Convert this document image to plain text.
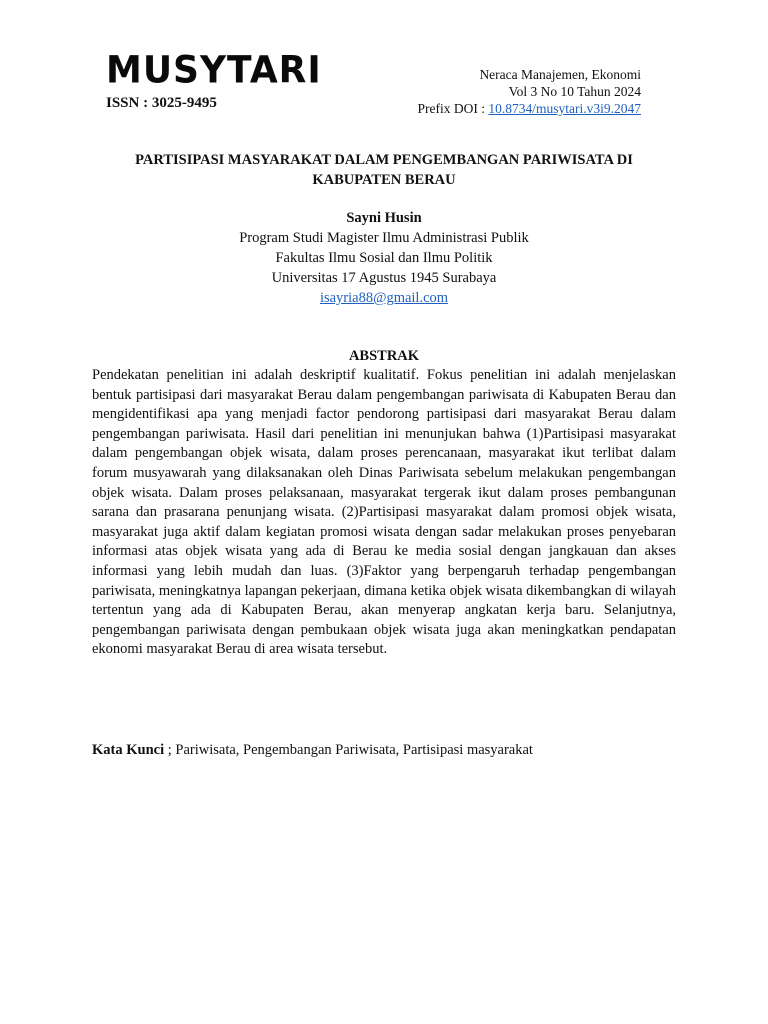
MUSYTARI
ISSN : 3025-9495
Neraca Manajemen, Ekonomi
Vol 3 No 10 Tahun 2024
Prefix DOI : 10.8734/musytari.v3i9.2047
PARTISIPASI MASYARAKAT DALAM PENGEMBANGAN PARIWISATA DI
KABUPATEN BERAU
Sayni Husin
Program Studi Magister Ilmu Administrasi Publik
Fakultas Ilmu Sosial dan Ilmu Politik
Universitas 17 Agustus 1945 Surabaya
isayria88@gmail.com
ABSTRAK
Pendekatan penelitian ini adalah deskriptif kualitatif. Fokus penelitian ini adalah menjelaskan bentuk partisipasi dari masyarakat Berau dalam pengembangan pariwisata di Kabupaten Berau dan mengidentifikasi apa yang menjadi factor pendorong partisipasi dari masyarakat Berau dalam pengembangan pariwisata. Hasil dari penelitian ini menunjukan bahwa (1)Partisipasi masyarakat dalam pengembangan objek wisata, dalam proses perencanaan, masyarakat ikut terlibat dalam forum musyawarah yang dilaksanakan oleh Dinas Pariwisata sebelum melakukan pengembangan objek wisata. Dalam proses pelaksanaan, masyarakat tergerak ikut dalam proses pembangunan sarana dan prasarana penunjang wisata. (2)Partisipasi masyarakat dalam promosi objek wisata, masyarakat juga aktif dalam kegiatan promosi wisata dengan sadar melakukan proses penyebaran informasi atas objek wisata yang ada di Berau ke media sosial dengan jangkauan dan akses informasi yang lebih mudah dan luas. (3)Faktor yang berpengaruh terhadap pengembangan pariwisata, meningkatnya lapangan pekerjaan, dimana ketika objek wisata dikembangkan di wilayah tertentun yang ada di Kabupaten Berau, akan menyerap angkatan kerja baru. Selanjutnya, pengembangan pariwisata dengan pembukaan objek wisata juga akan meningkatkan pendapatan ekonomi masyarakat Berau di area wisata tersebut.
Kata Kunci ; Pariwisata, Pengembangan Pariwisata, Partisipasi masyarakat
